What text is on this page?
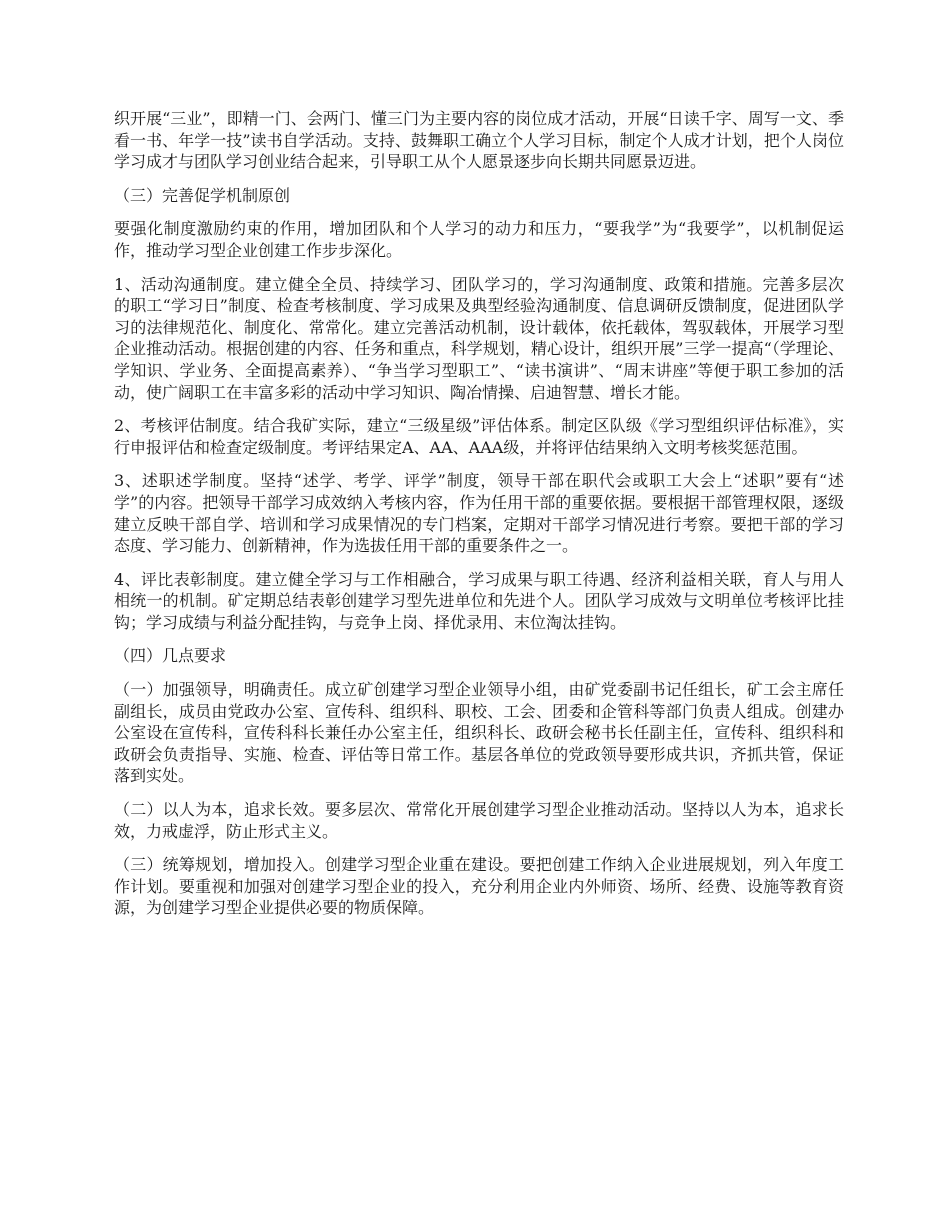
织开展“三业”，即精一门、会两门、懂三门为主要内容的岗位成才活动，开展“日读千字、周写一文、季看一书、年学一技”读书自学活动。支持、鼓舞职工确立个人学习目标，制定个人成才计划，把个人岗位学习成才与团队学习创业结合起来，引导职工从个人愿景逐步向长期共同愿景迈进。

（三）完善促学机制原创

要强化制度激励约束的作用，增加团队和个人学习的动力和压力，“要我学”为“我要学”，以机制促运作，推动学习型企业创建工作步步深化。

1、活动沟通制度。建立健全全员、持续学习、团队学习的，学习沟通制度、政策和措施。完善多层次的职工“学习日”制度、检查考核制度、学习成果及典型经验沟通制度、信息调研反馈制度，促进团队学习的法律规范化、制度化、常常化。建立完善活动机制，设计载体，依托载体，驾驭载体，开展学习型企业推动活动。根据创建的内容、任务和重点，科学规划，精心设计，组织开展”三学一提高“（学理论、学知识、学业务、全面提高素养）、“争当学习型职工”、“读书演讲”、“周末讲座”等便于职工参加的活动，使广阔职工在丰富多彩的活动中学习知识、陶冶情操、启迪智慧、增长才能。

2、考核评估制度。结合我矿实际，建立“三级星级”评估体系。制定区队级《学习型组织评估标准》，实行申报评估和检查定级制度。考评结果定A、AA、AAA级，并将评估结果纳入文明考核奖惩范围。

3、述职述学制度。坚持“述学、考学、评学”制度，领导干部在职代会或职工大会上“述职”要有“述学”的内容。把领导干部学习成效纳入考核内容，作为任用干部的重要依据。要根据干部管理权限，逐级建立反映干部自学、培训和学习成果情况的专门档案，定期对干部学习情况进行考察。要把干部的学习态度、学习能力、创新精神，作为选拔任用干部的重要条件之一。

4、评比表彰制度。建立健全学习与工作相融合，学习成果与职工待遇、经济利益相关联，育人与用人相统一的机制。矿定期总结表彰创建学习型先进单位和先进个人。团队学习成效与文明单位考核评比挂钩；学习成绩与利益分配挂钩，与竞争上岗、择优录用、末位淘汰挂钩。

（四）几点要求

（一）加强领导，明确责任。成立矿创建学习型企业领导小组，由矿党委副书记任组长，矿工会主席任副组长，成员由党政办公室、宣传科、组织科、职校、工会、团委和企管科等部门负责人组成。创建办公室设在宣传科，宣传科科长兼任办公室主任，组织科长、政研会秘书长任副主任，宣传科、组织科和政研会负责指导、实施、检查、评估等日常工作。基层各单位的党政领导要形成共识，齐抓共管，保证落到实处。

（二）以人为本，追求长效。要多层次、常常化开展创建学习型企业推动活动。坚持以人为本，追求长效，力戒虚浮，防止形式主义。

（三）统筹规划，增加投入。创建学习型企业重在建设。要把创建工作纳入企业进展规划，列入年度工作计划。要重视和加强对创建学习型企业的投入，充分利用企业内外师资、场所、经费、设施等教育资源，为创建学习型企业提供必要的物质保障。
